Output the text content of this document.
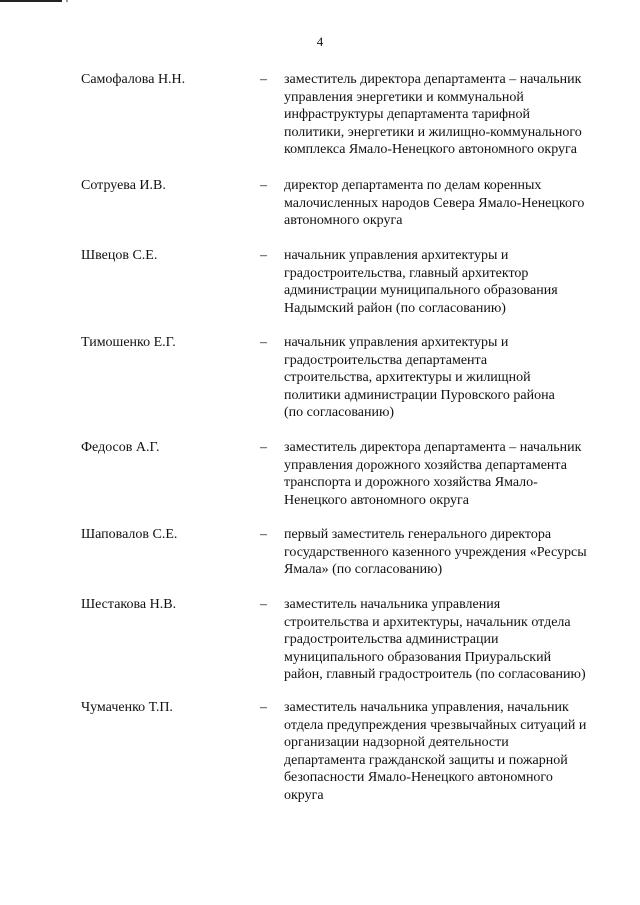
4
Самофалова Н.Н.	– заместитель директора департамента – начальник
управления энергетики и коммунальной
инфраструктуры департамента тарифной
политики, энергетики и жилищно-коммунального
комплекса Ямало-Ненецкого автономного округа
Сотруева И.В.	– директор департамента по делам коренных
малочисленных народов Севера Ямало-Ненецкого
автономного округа
Швецов С.Е.	– начальник управления архитектуры и
градостроительства, главный архитектор
администрации муниципального образования
Надымский район (по согласованию)
Тимошенко Е.Г.	– начальник управления архитектуры и
градостроительства департамента
строительства, архитектуры и жилищной
политики администрации Пуровского района
(по согласованию)
Федосов А.Г.	– заместитель директора департамента – начальник
управления дорожного хозяйства департамента
транспорта и дорожного хозяйства Ямало-
Ненецкого автономного округа
Шаповалов С.Е.	– первый заместитель генерального директора
государственного казенного учреждения «Ресурсы
Ямала» (по согласованию)
Шестакова Н.В.	– заместитель начальника управления
строительства и архитектуры, начальник отдела
градостроительства администрации
муниципального образования Приуральский
район, главный градостроитель (по согласованию)
Чумаченко Т.П.	– заместитель начальника управления, начальник
отдела предупреждения чрезвычайных ситуаций и
организации надзорной деятельности
департамента гражданской защиты и пожарной
безопасности Ямало-Ненецкого автономного
округа
